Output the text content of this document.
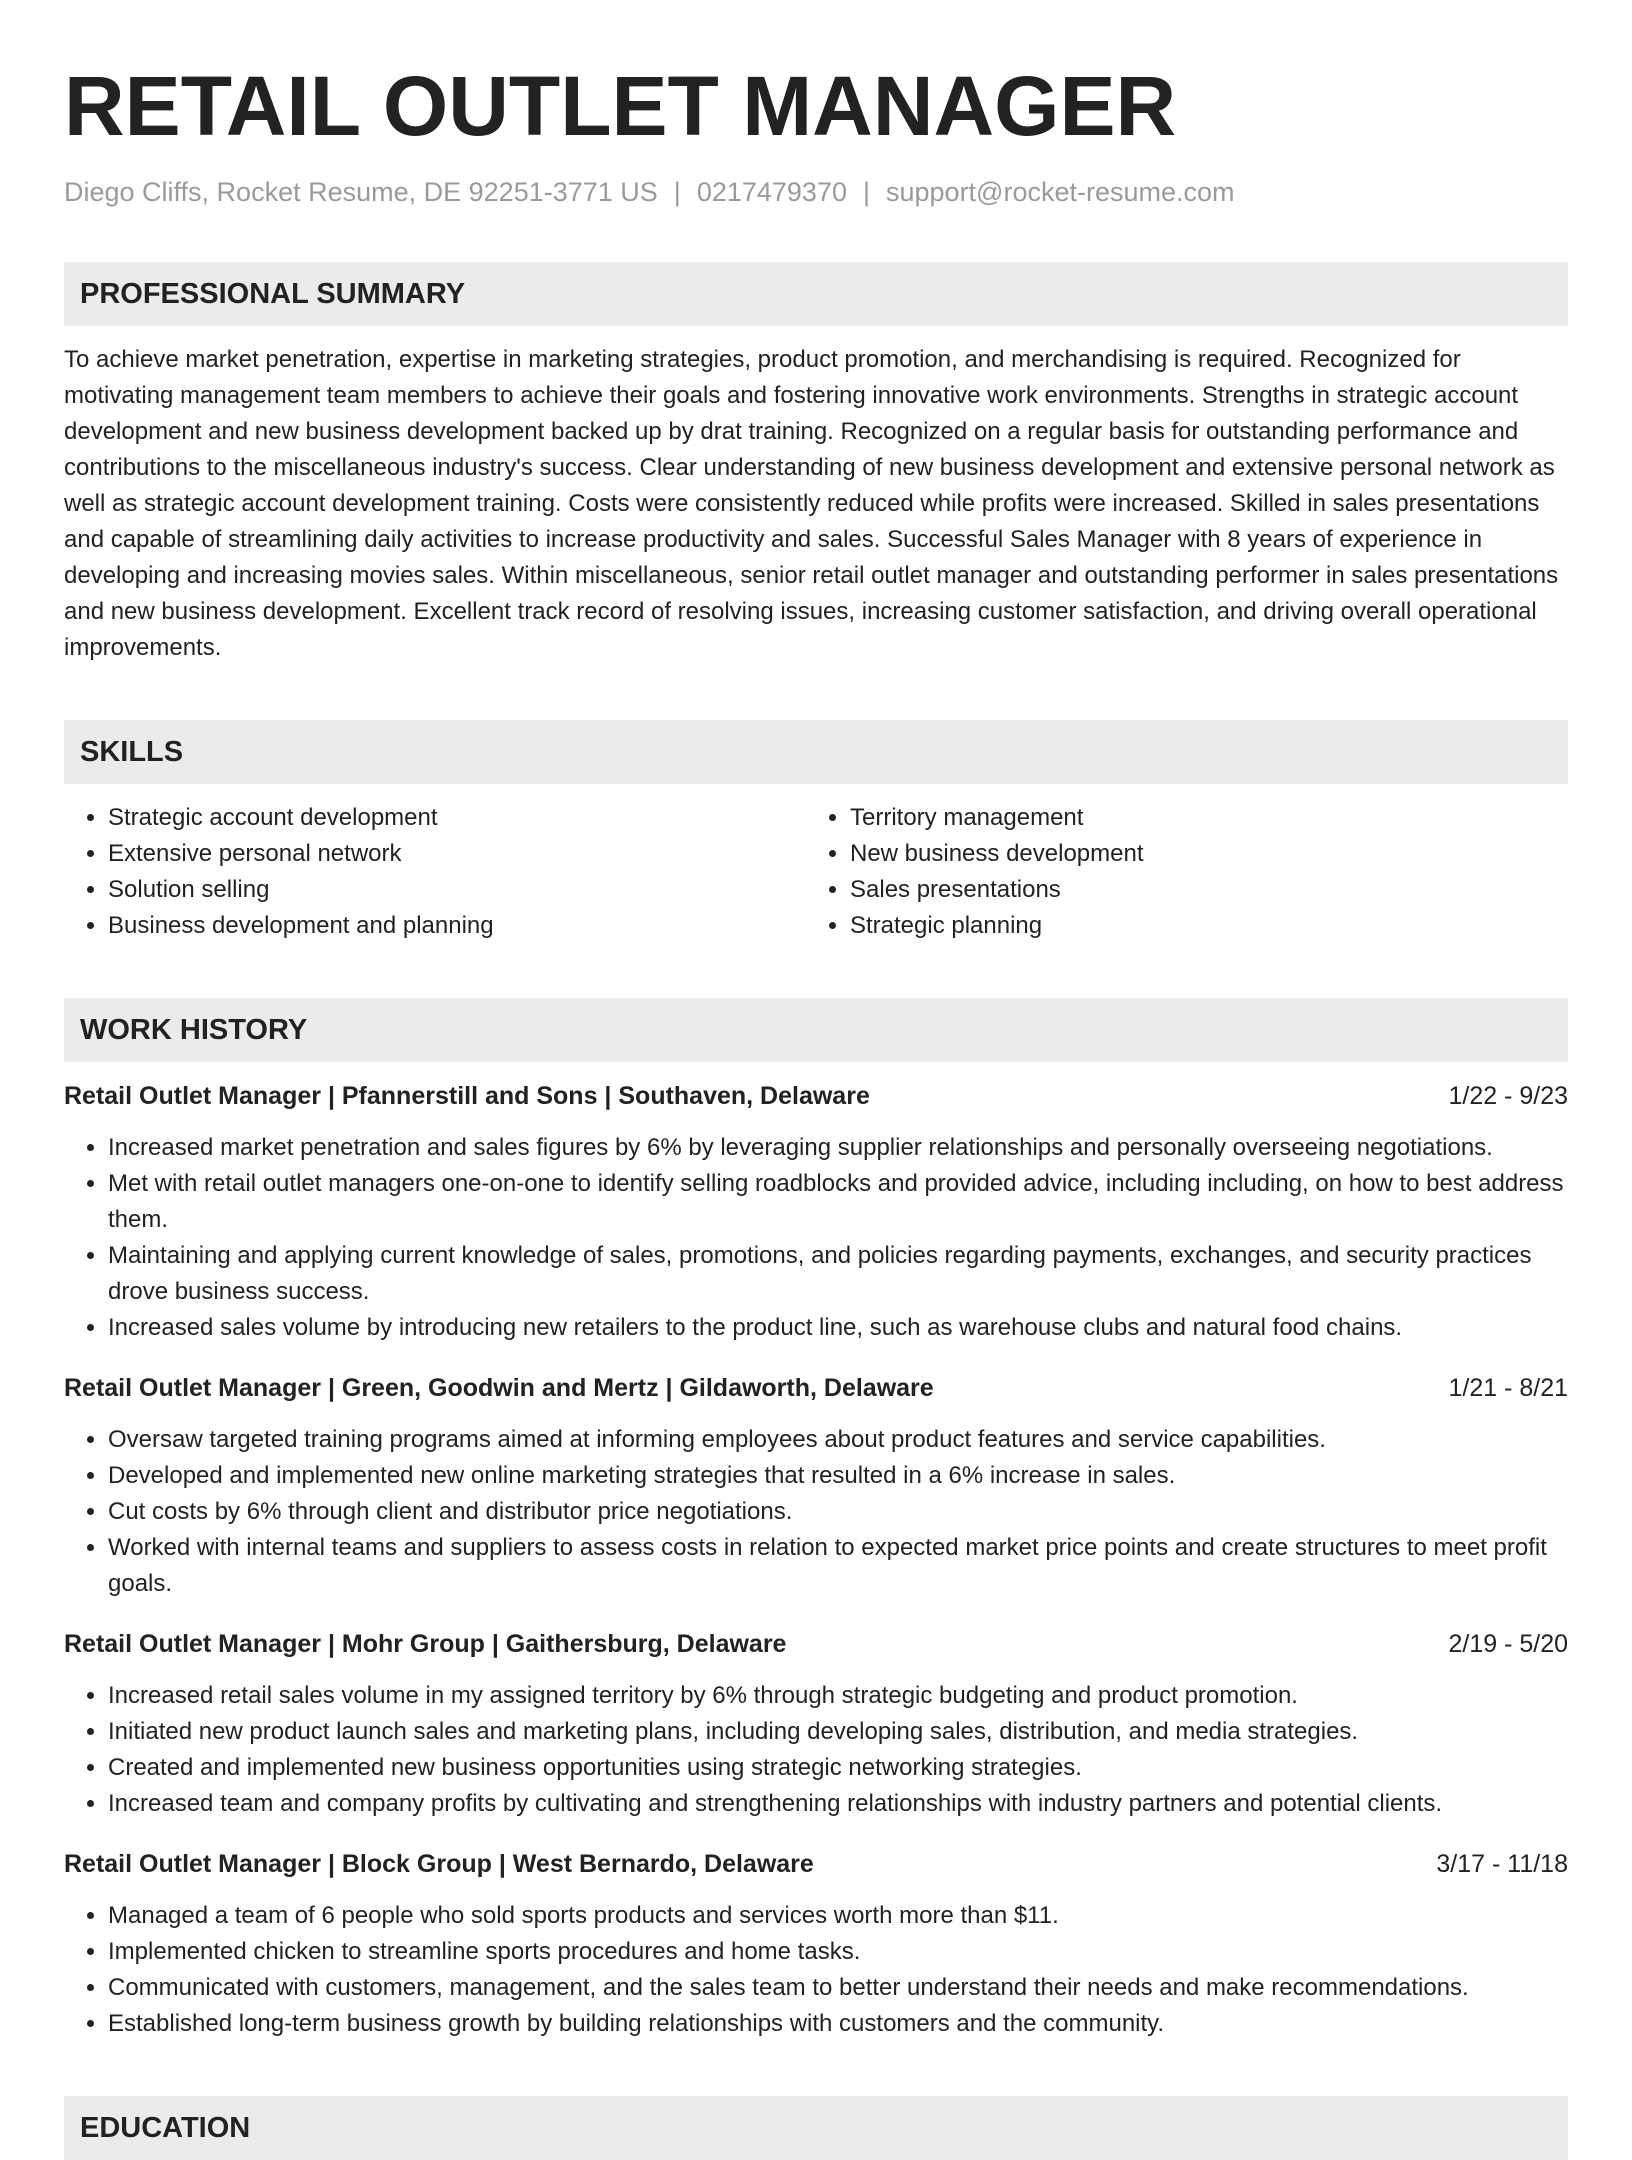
RETAIL OUTLET MANAGER
Diego Cliffs, Rocket Resume, DE 92251-3771 US | 0217479370 | support@rocket-resume.com
PROFESSIONAL SUMMARY
To achieve market penetration, expertise in marketing strategies, product promotion, and merchandising is required. Recognized for motivating management team members to achieve their goals and fostering innovative work environments. Strengths in strategic account development and new business development backed up by drat training. Recognized on a regular basis for outstanding performance and contributions to the miscellaneous industry's success. Clear understanding of new business development and extensive personal network as well as strategic account development training. Costs were consistently reduced while profits were increased. Skilled in sales presentations and capable of streamlining daily activities to increase productivity and sales. Successful Sales Manager with 8 years of experience in developing and increasing movies sales. Within miscellaneous, senior retail outlet manager and outstanding performer in sales presentations and new business development. Excellent track record of resolving issues, increasing customer satisfaction, and driving overall operational improvements.
SKILLS
• Strategic account development
• Extensive personal network
• Solution selling
• Business development and planning
• Territory management
• New business development
• Sales presentations
• Strategic planning
WORK HISTORY
Retail Outlet Manager | Pfannerstill and Sons | Southaven, Delaware	1/22 - 9/23
• Increased market penetration and sales figures by 6% by leveraging supplier relationships and personally overseeing negotiations.
• Met with retail outlet managers one-on-one to identify selling roadblocks and provided advice, including including, on how to best address them.
• Maintaining and applying current knowledge of sales, promotions, and policies regarding payments, exchanges, and security practices drove business success.
• Increased sales volume by introducing new retailers to the product line, such as warehouse clubs and natural food chains.
Retail Outlet Manager | Green, Goodwin and Mertz | Gildaworth, Delaware	1/21 - 8/21
• Oversaw targeted training programs aimed at informing employees about product features and service capabilities.
• Developed and implemented new online marketing strategies that resulted in a 6% increase in sales.
• Cut costs by 6% through client and distributor price negotiations.
• Worked with internal teams and suppliers to assess costs in relation to expected market price points and create structures to meet profit goals.
Retail Outlet Manager | Mohr Group | Gaithersburg, Delaware	2/19 - 5/20
• Increased retail sales volume in my assigned territory by 6% through strategic budgeting and product promotion.
• Initiated new product launch sales and marketing plans, including developing sales, distribution, and media strategies.
• Created and implemented new business opportunities using strategic networking strategies.
• Increased team and company profits by cultivating and strengthening relationships with industry partners and potential clients.
Retail Outlet Manager | Block Group | West Bernardo, Delaware	3/17 - 11/18
• Managed a team of 6 people who sold sports products and services worth more than $11.
• Implemented chicken to streamline sports procedures and home tasks.
• Communicated with customers, management, and the sales team to better understand their needs and make recommendations.
• Established long-term business growth by building relationships with customers and the community.
EDUCATION
